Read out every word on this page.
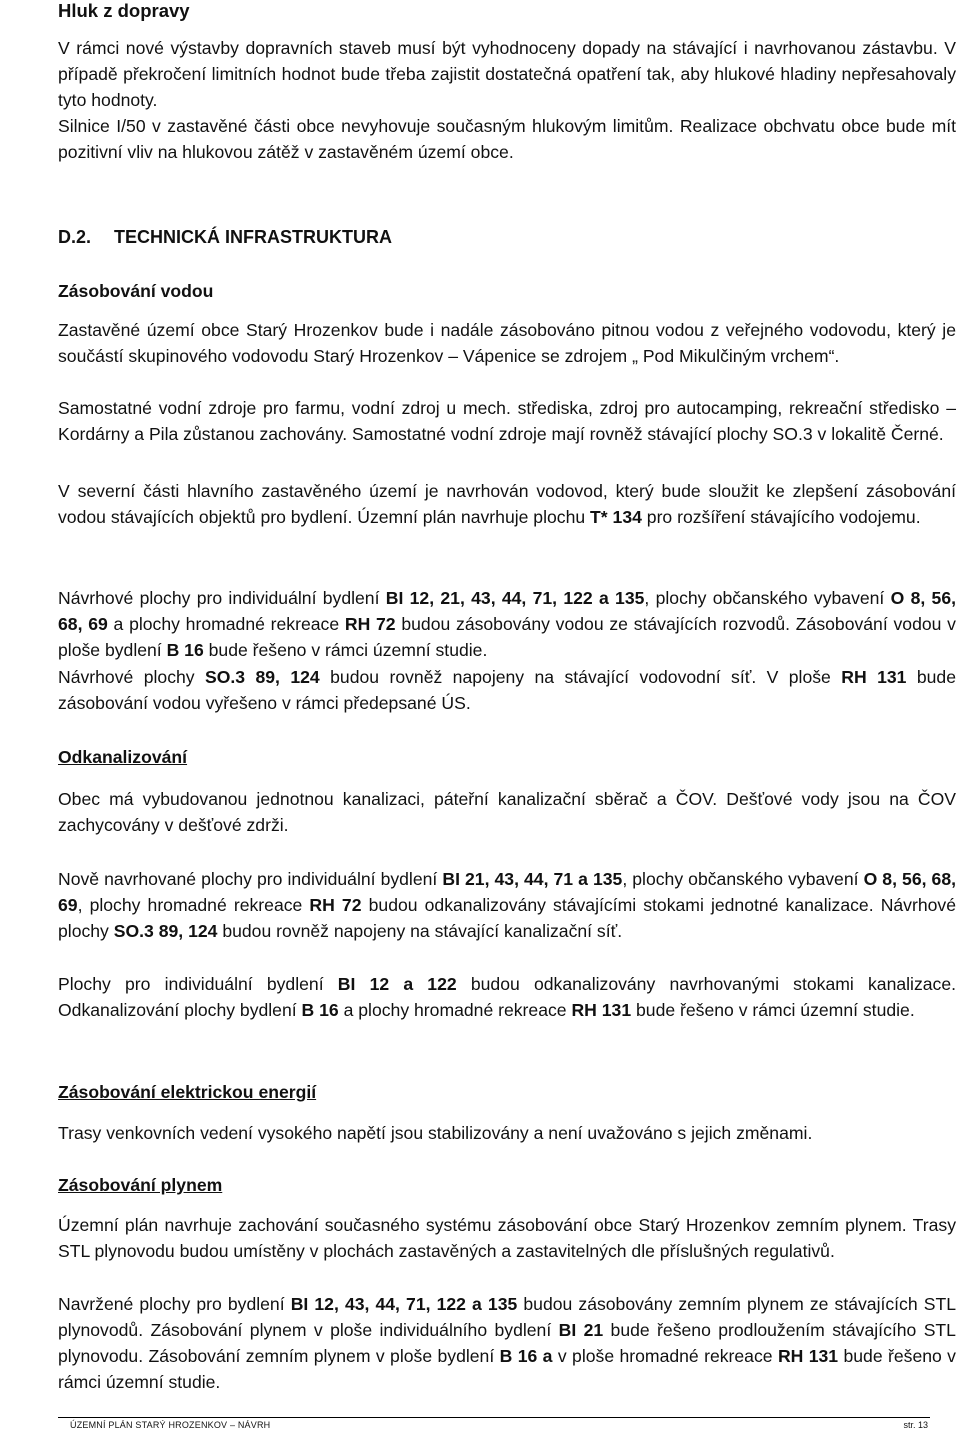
Hluk z dopravy

V rámci nové výstavby dopravních staveb musí být vyhodnoceny dopady na stávající i navrhovanou zástavbu. V případě překročení limitních hodnot bude třeba zajistit dostatečná opatření tak, aby hlukové hladiny nepřesahovaly tyto hodnoty.

Silnice I/50 v zastavěné části obce nevyhovuje současným hlukovým limitům. Realizace obchvatu obce bude mít pozitivní vliv na hlukovou zátěž v zastavěném území obce.

D.2. TECHNICKÁ INFRASTRUKTURA
Zásobování vodou

Zastavěné území obce Starý Hrozenkov bude i nadále zásobováno pitnou vodou z veřejného vodovodu, který je součástí skupinového vodovodu Starý Hrozenkov – Vápenice se zdrojem „ Pod Mikulčiným vrchem“.

Samostatné vodní zdroje pro farmu, vodní zdroj u mech. střediska, zdroj pro autocamping, rekreační středisko – Kordárny a Pila zůstanou zachovány. Samostatné vodní zdroje mají rovněž stávající plochy SO.3 v lokalitě Černé.

V severní části hlavního zastavěného území je navrhován vodovod, který bude sloužit ke zlepšení zásobování vodou stávajících objektů pro bydlení. Územní plán navrhuje plochu T* 134 pro rozšíření stávajícího vodojemu.

Návrhové plochy pro individuální bydlení BI 12, 21, 43, 44, 71, 122 a 135, plochy občanského vybavení O 8, 56, 68, 69 a plochy hromadné rekreace RH 72 budou zásobovány vodou ze stávajících rozvodů. Zásobování vodou v ploše bydlení B 16 bude řešeno v rámci územní studie.

Návrhové plochy SO.3 89, 124 budou rovněž napojeny na stávající vodovodní síť. V ploše RH 131 bude zásobování vodou vyřešeno v rámci předepsané ÚS.

Odkanalizování

Obec má vybudovanou jednotnou kanalizaci, páteřní kanalizační sběrač a ČOV. Dešťové vody jsou na ČOV zachycovány v dešťové zdrži.

Nově navrhované plochy pro individuální bydlení BI 21, 43, 44, 71 a 135, plochy občanského vybavení O 8, 56, 68, 69, plochy hromadné rekreace RH 72 budou odkanalizovány stávajícími stokami jednotné kanalizace. Návrhové plochy SO.3 89, 124 budou rovněž napojeny na stávající kanalizační síť.

Plochy pro individuální bydlení BI 12 a 122 budou odkanalizovány navrhovanými stokami kanalizace. Odkanalizování plochy bydlení B 16 a plochy hromadné rekreace RH 131 bude řešeno v rámci územní studie.

Zásobování elektrickou energií

Trasy venkovních vedení vysokého napětí jsou stabilizovány a není uvažováno s jejich změnami.

Zásobování plynem

Územní plán navrhuje zachování současného systému zásobování obce Starý Hrozenkov zemním plynem. Trasy STL plynovodu budou umístěny v plochách zastavěných a zastavitelných dle příslušných regulativů.

Navržené plochy pro bydlení BI 12, 43, 44, 71, 122 a 135 budou zásobovány zemním plynem ze stávajících STL plynovodů. Zásobování plynem v ploše individuálního bydlení BI 21 bude řešeno prodloužením stávajícího STL plynovodu. Zásobování zemním plynem v ploše bydlení B 16 a v ploše hromadné rekreace RH 131 bude řešeno v rámci územní studie.

ÚZEMNÍ PLÁN STARÝ HROZENKOV – NÁVRH	str. 13
